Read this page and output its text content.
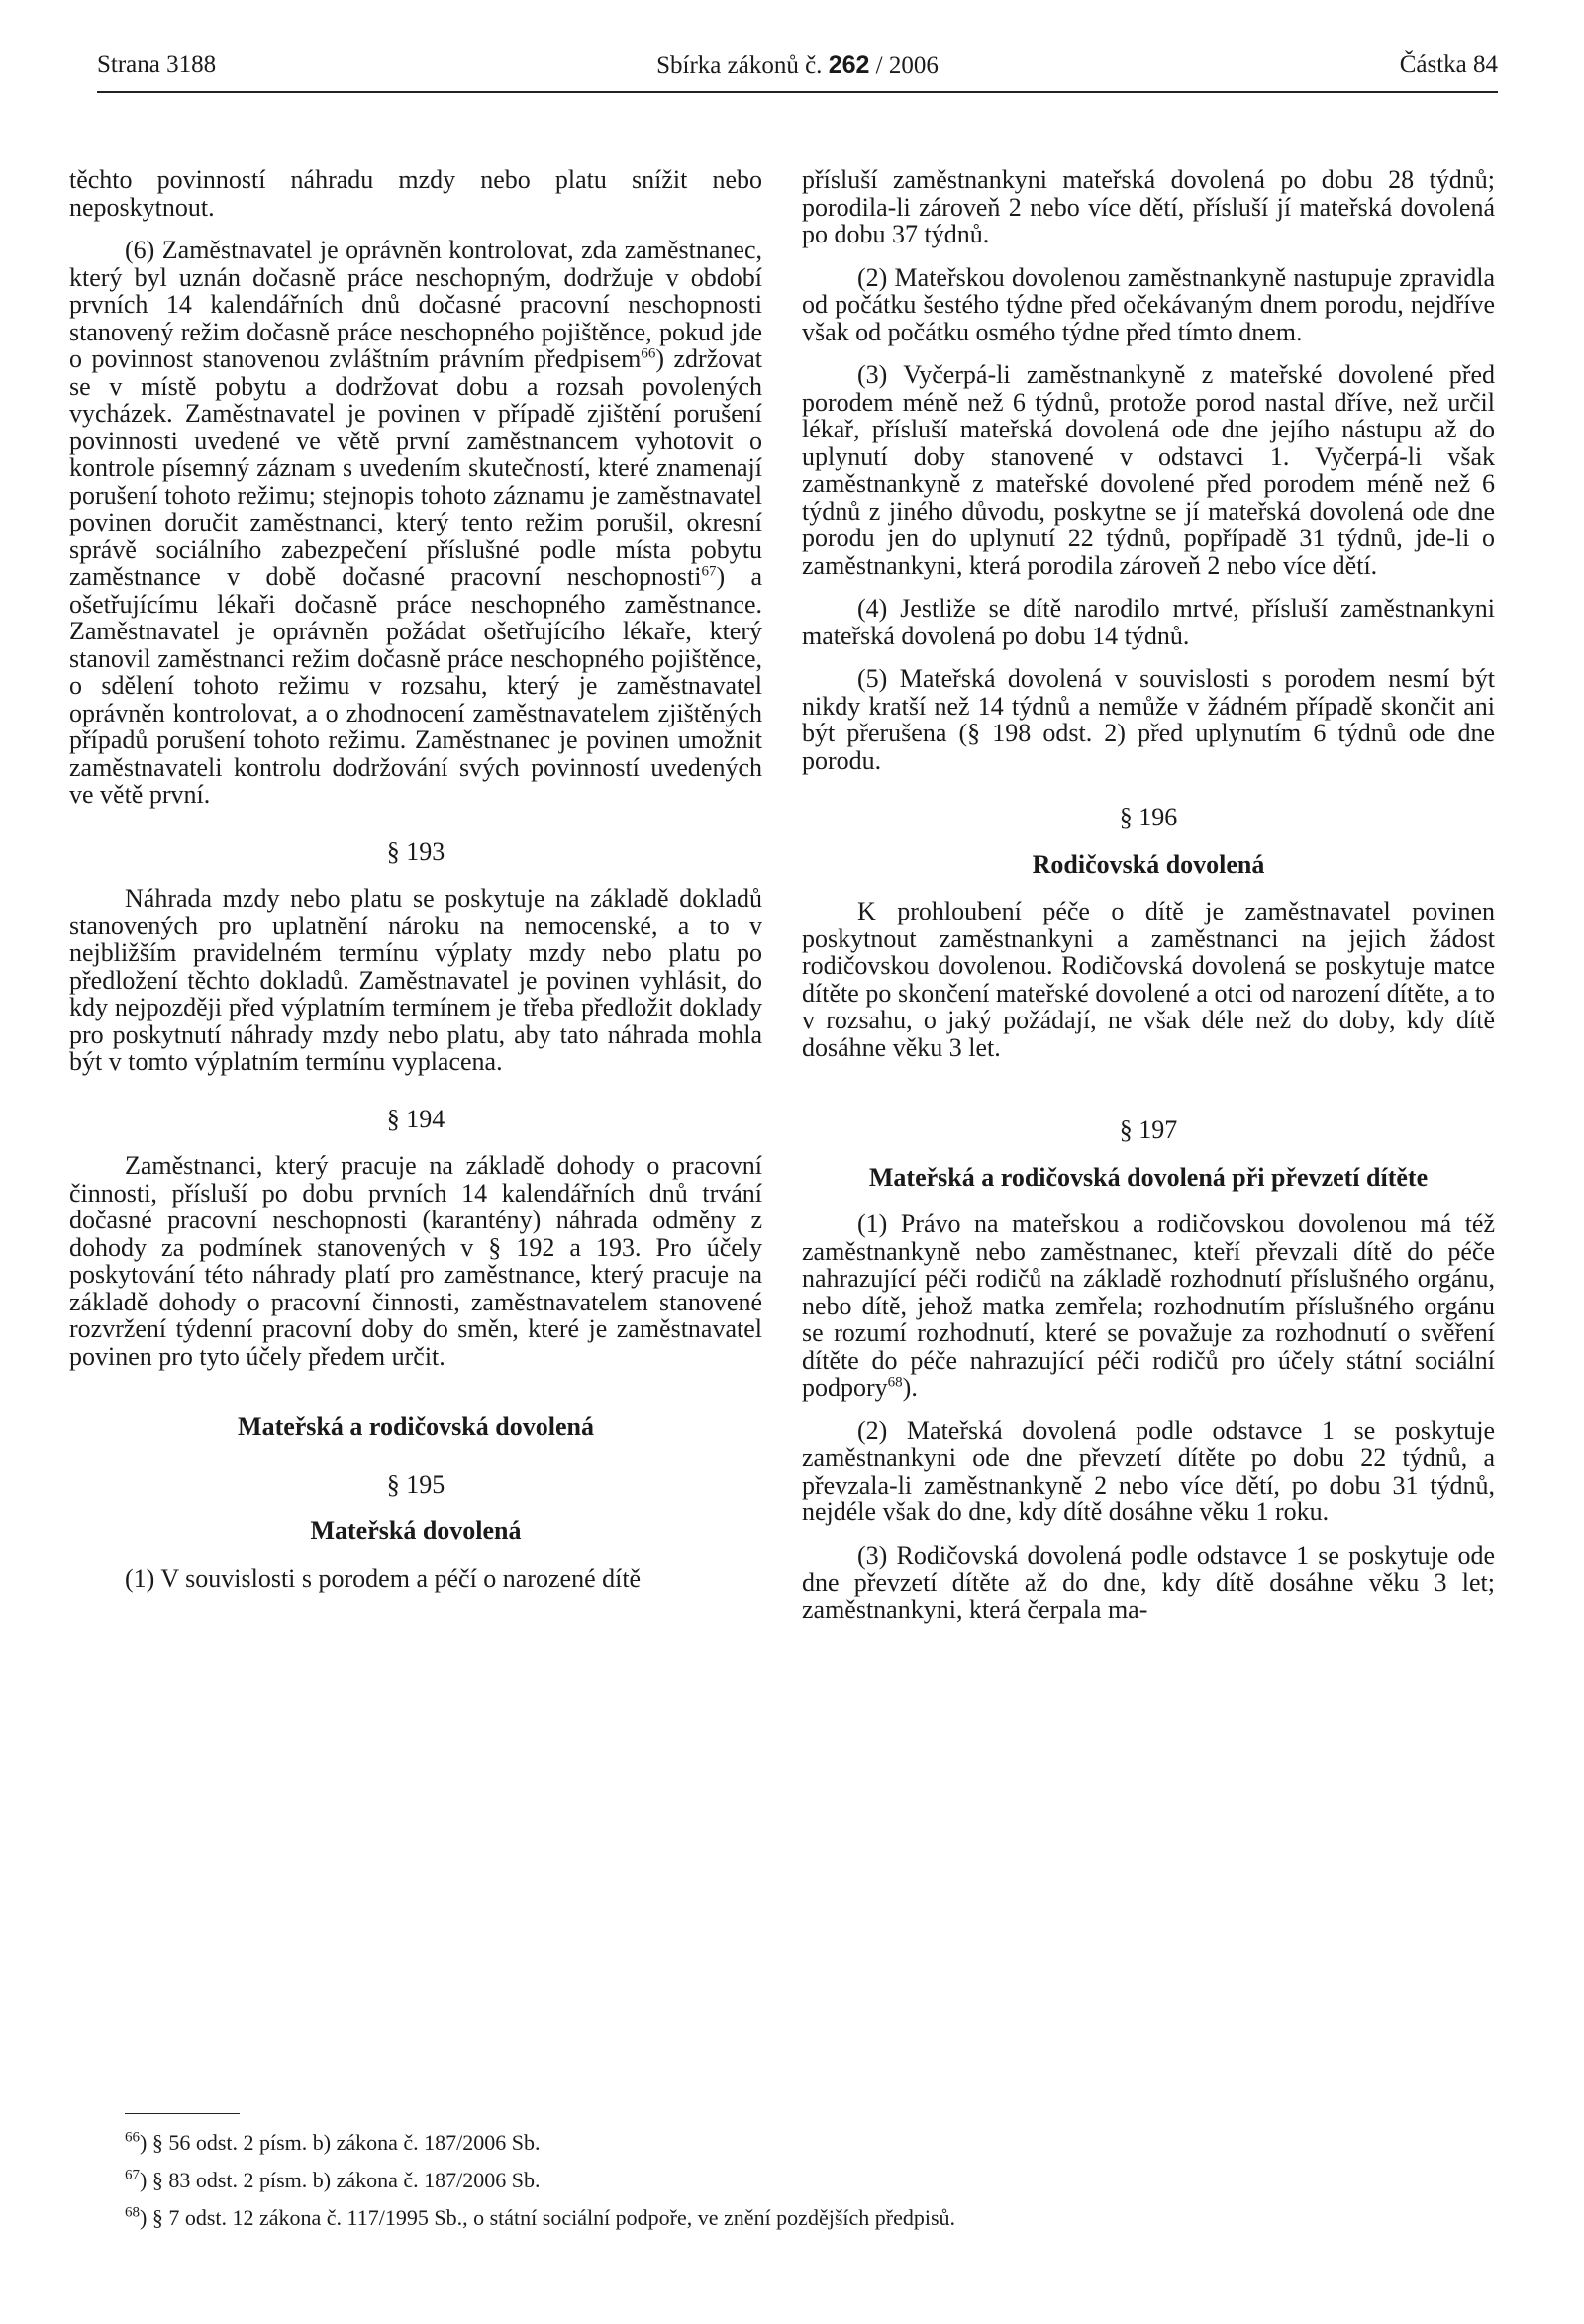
Strana 3188	Sbírka zákonů č. 262 / 2006	Částka 84

těchto povinností náhradu mzdy nebo platu snížit nebo neposkytnout.

(6) Zaměstnavatel je oprávněn kontrolovat, zda zaměstnanec, který byl uznán dočasně práce neschopným, dodržuje v období prvních 14 kalendářních dnů dočasné pracovní neschopnosti stanovený režim dočasně práce neschopného pojištěnce, pokud jde o povinnost stanovenou zvláštním právním předpisem$^{66}$) zdržovat se v místě pobytu a dodržovat dobu a rozsah povolených vycházek. Zaměstnavatel je povinen v případě zjištění porušení povinnosti uvedené ve větě první zaměstnancem vyhotovit o kontrole písemný záznam s uvedením skutečností, které znamenají porušení tohoto režimu; stejnopis tohoto záznamu je zaměstnavatel povinen doručit zaměstnanci, který tento režim porušil, okresní správě sociálního zabezpečení příslušné podle místa pobytu zaměstnance v době dočasné pracovní neschopnosti$^{67}$) a ošetřujícímu lékaři dočasně práce neschopného zaměstnance. Zaměstnavatel je oprávněn požádat ošetřujícího lékaře, který stanovil zaměstnanci režim dočasně práce neschopného pojištěnce, o sdělení tohoto režimu v rozsahu, který je zaměstnavatel oprávněn kontrolovat, a o zhodnocení zaměstnavatelem zjištěných případů porušení tohoto režimu. Zaměstnanec je povinen umožnit zaměstnavateli kontrolu dodržování svých povinností uvedených ve větě první.

§ 193

Náhrada mzdy nebo platu se poskytuje na základě dokladů stanovených pro uplatnění nároku na nemocenské, a to v nejbližším pravidelném termínu výplaty mzdy nebo platu po předložení těchto dokladů. Zaměstnavatel je povinen vyhlásit, do kdy nejpozději před výplatním termínem je třeba předložit doklady pro poskytnutí náhrady mzdy nebo platu, aby tato náhrada mohla být v tomto výplatním termínu vyplacena.

§ 194

Zaměstnanci, který pracuje na základě dohody o pracovní činnosti, přísluší po dobu prvních 14 kalendářních dnů trvání dočasné pracovní neschopnosti (karantény) náhrada odměny z dohody za podmínek stanovených v § 192 a 193. Pro účely poskytování této náhrady platí pro zaměstnance, který pracuje na základě dohody o pracovní činnosti, zaměstnavatelem stanovené rozvržení týdenní pracovní doby do směn, které je zaměstnavatel povinen pro tyto účely předem určit.

Mateřská a rodičovská dovolená
§ 195
Mateřská dovolená

(1) V souvislosti s porodem a péčí o narozené dítě

přísluší zaměstnankyni mateřská dovolená po dobu 28 týdnů; porodila-li zároveň 2 nebo více dětí, přísluší jí mateřská dovolená po dobu 37 týdnů.

(2) Mateřskou dovolenou zaměstnankyně nastupuje zpravidla od počátku šestého týdne před očekávaným dnem porodu, nejdříve však od počátku osmého týdne před tímto dnem.

(3) Vyčerpá-li zaměstnankyně z mateřské dovolené před porodem méně než 6 týdnů, protože porod nastal dříve, než určil lékař, přísluší mateřská dovolená ode dne jejího nástupu až do uplynutí doby stanovené v odstavci 1. Vyčerpá-li však zaměstnankyně z mateřské dovolené před porodem méně než 6 týdnů z jiného důvodu, poskytne se jí mateřská dovolená ode dne porodu jen do uplynutí 22 týdnů, popřípadě 31 týdnů, jde-li o zaměstnankyni, která porodila zároveň 2 nebo více dětí.

(4) Jestliže se dítě narodilo mrtvé, přísluší zaměstnankyni mateřská dovolená po dobu 14 týdnů.

(5) Mateřská dovolená v souvislosti s porodem nesmí být nikdy kratší než 14 týdnů a nemůže v žádném případě skončit ani být přerušena (§ 198 odst. 2) před uplynutím 6 týdnů ode dne porodu.

§ 196
Rodičovská dovolená

K prohloubení péče o dítě je zaměstnavatel povinen poskytnout zaměstnankyni a zaměstnanci na jejich žádost rodičovskou dovolenou. Rodičovská dovolená se poskytuje matce dítěte po skončení mateřské dovolené a otci od narození dítěte, a to v rozsahu, o jaký požádají, ne však déle než do doby, kdy dítě dosáhne věku 3 let.

§ 197
Mateřská a rodičovská dovolená při převzetí dítěte

(1) Právo na mateřskou a rodičovskou dovolenou má též zaměstnankyně nebo zaměstnanec, kteří převzali dítě do péče nahrazující péči rodičů na základě rozhodnutí příslušného orgánu, nebo dítě, jehož matka zemřela; rozhodnutím příslušného orgánu se rozumí rozhodnutí, které se považuje za rozhodnutí o svěření dítěte do péče nahrazující péči rodičů pro účely státní sociální podpory$^{68}$).

(2) Mateřská dovolená podle odstavce 1 se poskytuje zaměstnankyni ode dne převzetí dítěte po dobu 22 týdnů, a převzala-li zaměstnankyně 2 nebo více dětí, po dobu 31 týdnů, nejdéle však do dne, kdy dítě dosáhne věku 1 roku.

(3) Rodičovská dovolená podle odstavce 1 se poskytuje ode dne převzetí dítěte až do dne, kdy dítě dosáhne věku 3 let; zaměstnankyni, která čerpala ma-

$^{66}$) § 56 odst. 2 písm. b) zákona č. 187/2006 Sb.
$^{67}$) § 83 odst. 2 písm. b) zákona č. 187/2006 Sb.
$^{68}$) § 7 odst. 12 zákona č. 117/1995 Sb., o státní sociální podpoře, ve znění pozdějších předpisů.
